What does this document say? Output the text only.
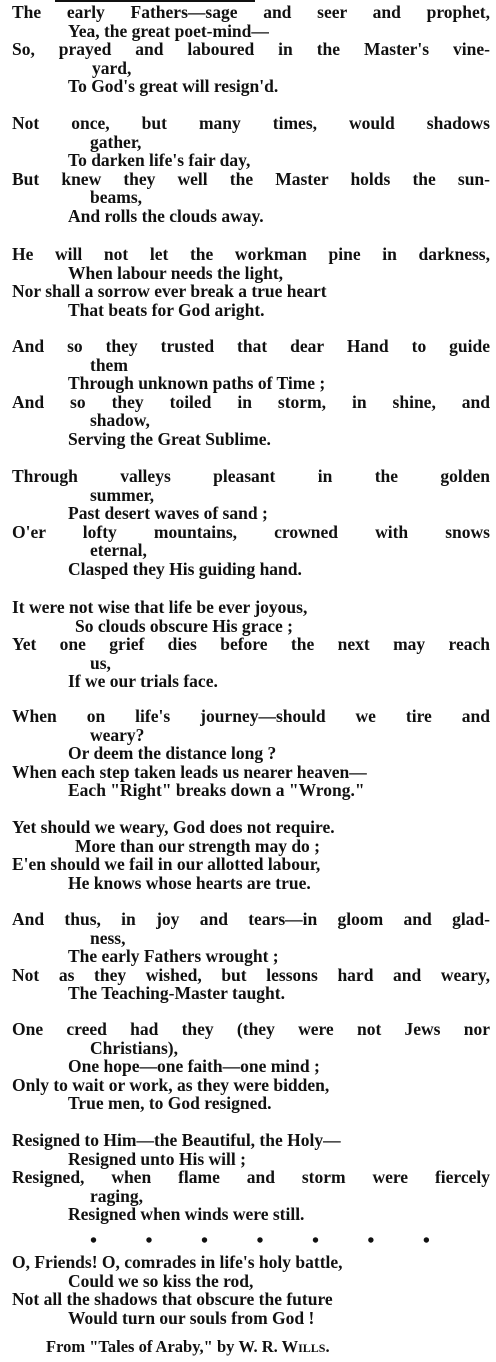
The early Fathers—sage and seer and prophet,
Yea, the great poet-mind—
So, prayed and laboured in the Master's vine-
yard,
To God's great will resign'd.
Not once, but many times, would shadows
gather,
To darken life's fair day,
But knew they well the Master holds the sun-
beams,
And rolls the clouds away.
He will not let the workman pine in darkness,
When labour needs the light,
Nor shall a sorrow ever break a true heart
That beats for God aright.
And so they trusted that dear Hand to guide
them
Through unknown paths of Time ;
And so they toiled in storm, in shine, and
shadow,
Serving the Great Sublime.
Through valleys pleasant in the golden
summer,
Past desert waves of sand ;
O'er lofty mountains, crowned with snows
eternal,
Clasped they His guiding hand.
It were not wise that life be ever joyous,
So clouds obscure His grace ;
Yet one grief dies before the next may reach
us,
If we our trials face.
When on life's journey—should we tire and
weary?
Or deem the distance long ?
When each step taken leads us nearer heaven—
Each "Right" breaks down a "Wrong."
Yet should we weary, God does not require.
More than our strength may do ;
E'en should we fail in our allotted labour,
He knows whose hearts are true.
And thus, in joy and tears—in gloom and glad-
ness,
The early Fathers wrought ;
Not as they wished, but lessons hard and weary,
The Teaching-Master taught.
One creed had they (they were not Jews nor
Christians),
One hope—one faith—one mind ;
Only to wait or work, as they were bidden,
True men, to God resigned.
Resigned to Him—the Beautiful, the Holy—
Resigned unto His will ;
Resigned, when flame and storm were fiercely
raging,
Resigned when winds were still.
O, Friends! O, comrades in life's holy battle,
Could we so kiss the rod,
Not all the shadows that obscure the future
Would turn our souls from God !
• • • • • • •
From "Tales of Araby," by W. R. Wills.
